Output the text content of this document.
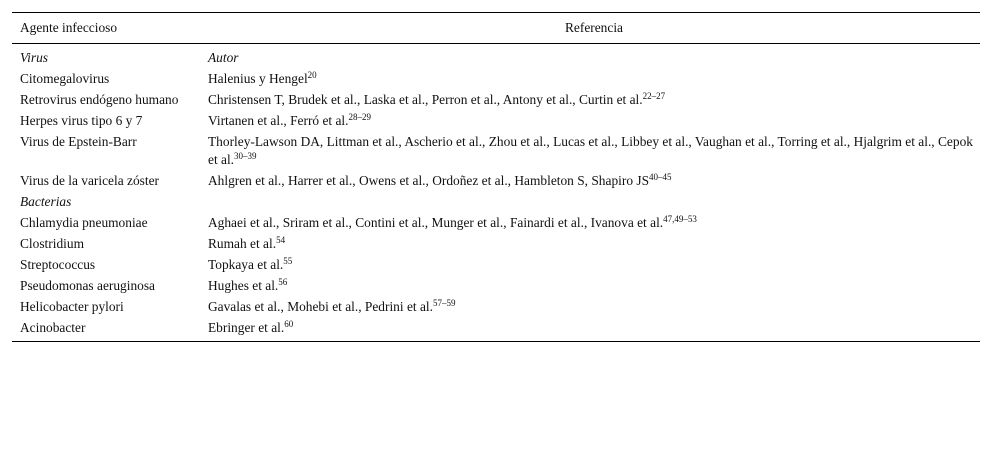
Agente infeccioso	Referencia
Virus	Autor
Citomegalovirus	Halenius y Hengel$^{20}$
Retrovirus endógeno humano	Christensen T, Brudek et al., Laska et al., Perron et al., Antony et al., Curtin et al.$^{22-27}$
Herpes virus tipo 6 y 7	Virtanen et al., Ferró et al.$^{28-29}$
Virus de Epstein-Barr	Thorley-Lawson DA, Littman et al., Ascherio et al., Zhou et al., Lucas et al., Libbey et al., Vaughan et al., Torring et al., Hjalgrim et al., Cepok et al.$^{30-39}$
Virus de la varicela zóster	Ahlgren et al., Harrer et al., Owens et al., Ordoñez et al., Hambleton S, Shapiro JS$^{40-45}$
Bacterias	
Chlamydia pneumoniae	Aghaei et al., Sriram et al., Contini et al., Munger et al., Fainardi et al., Ivanova et al.$^{47,49-53}$
Clostridium	Rumah et al.$^{54}$
Streptococcus	Topkaya et al.$^{55}$
Pseudomonas aeruginosa	Hughes et al.$^{56}$
Helicobacter pylori	Gavalas et al., Mohebi et al., Pedrini et al.$^{57-59}$
Acinobacter	Ebringer et al.$^{60}$
